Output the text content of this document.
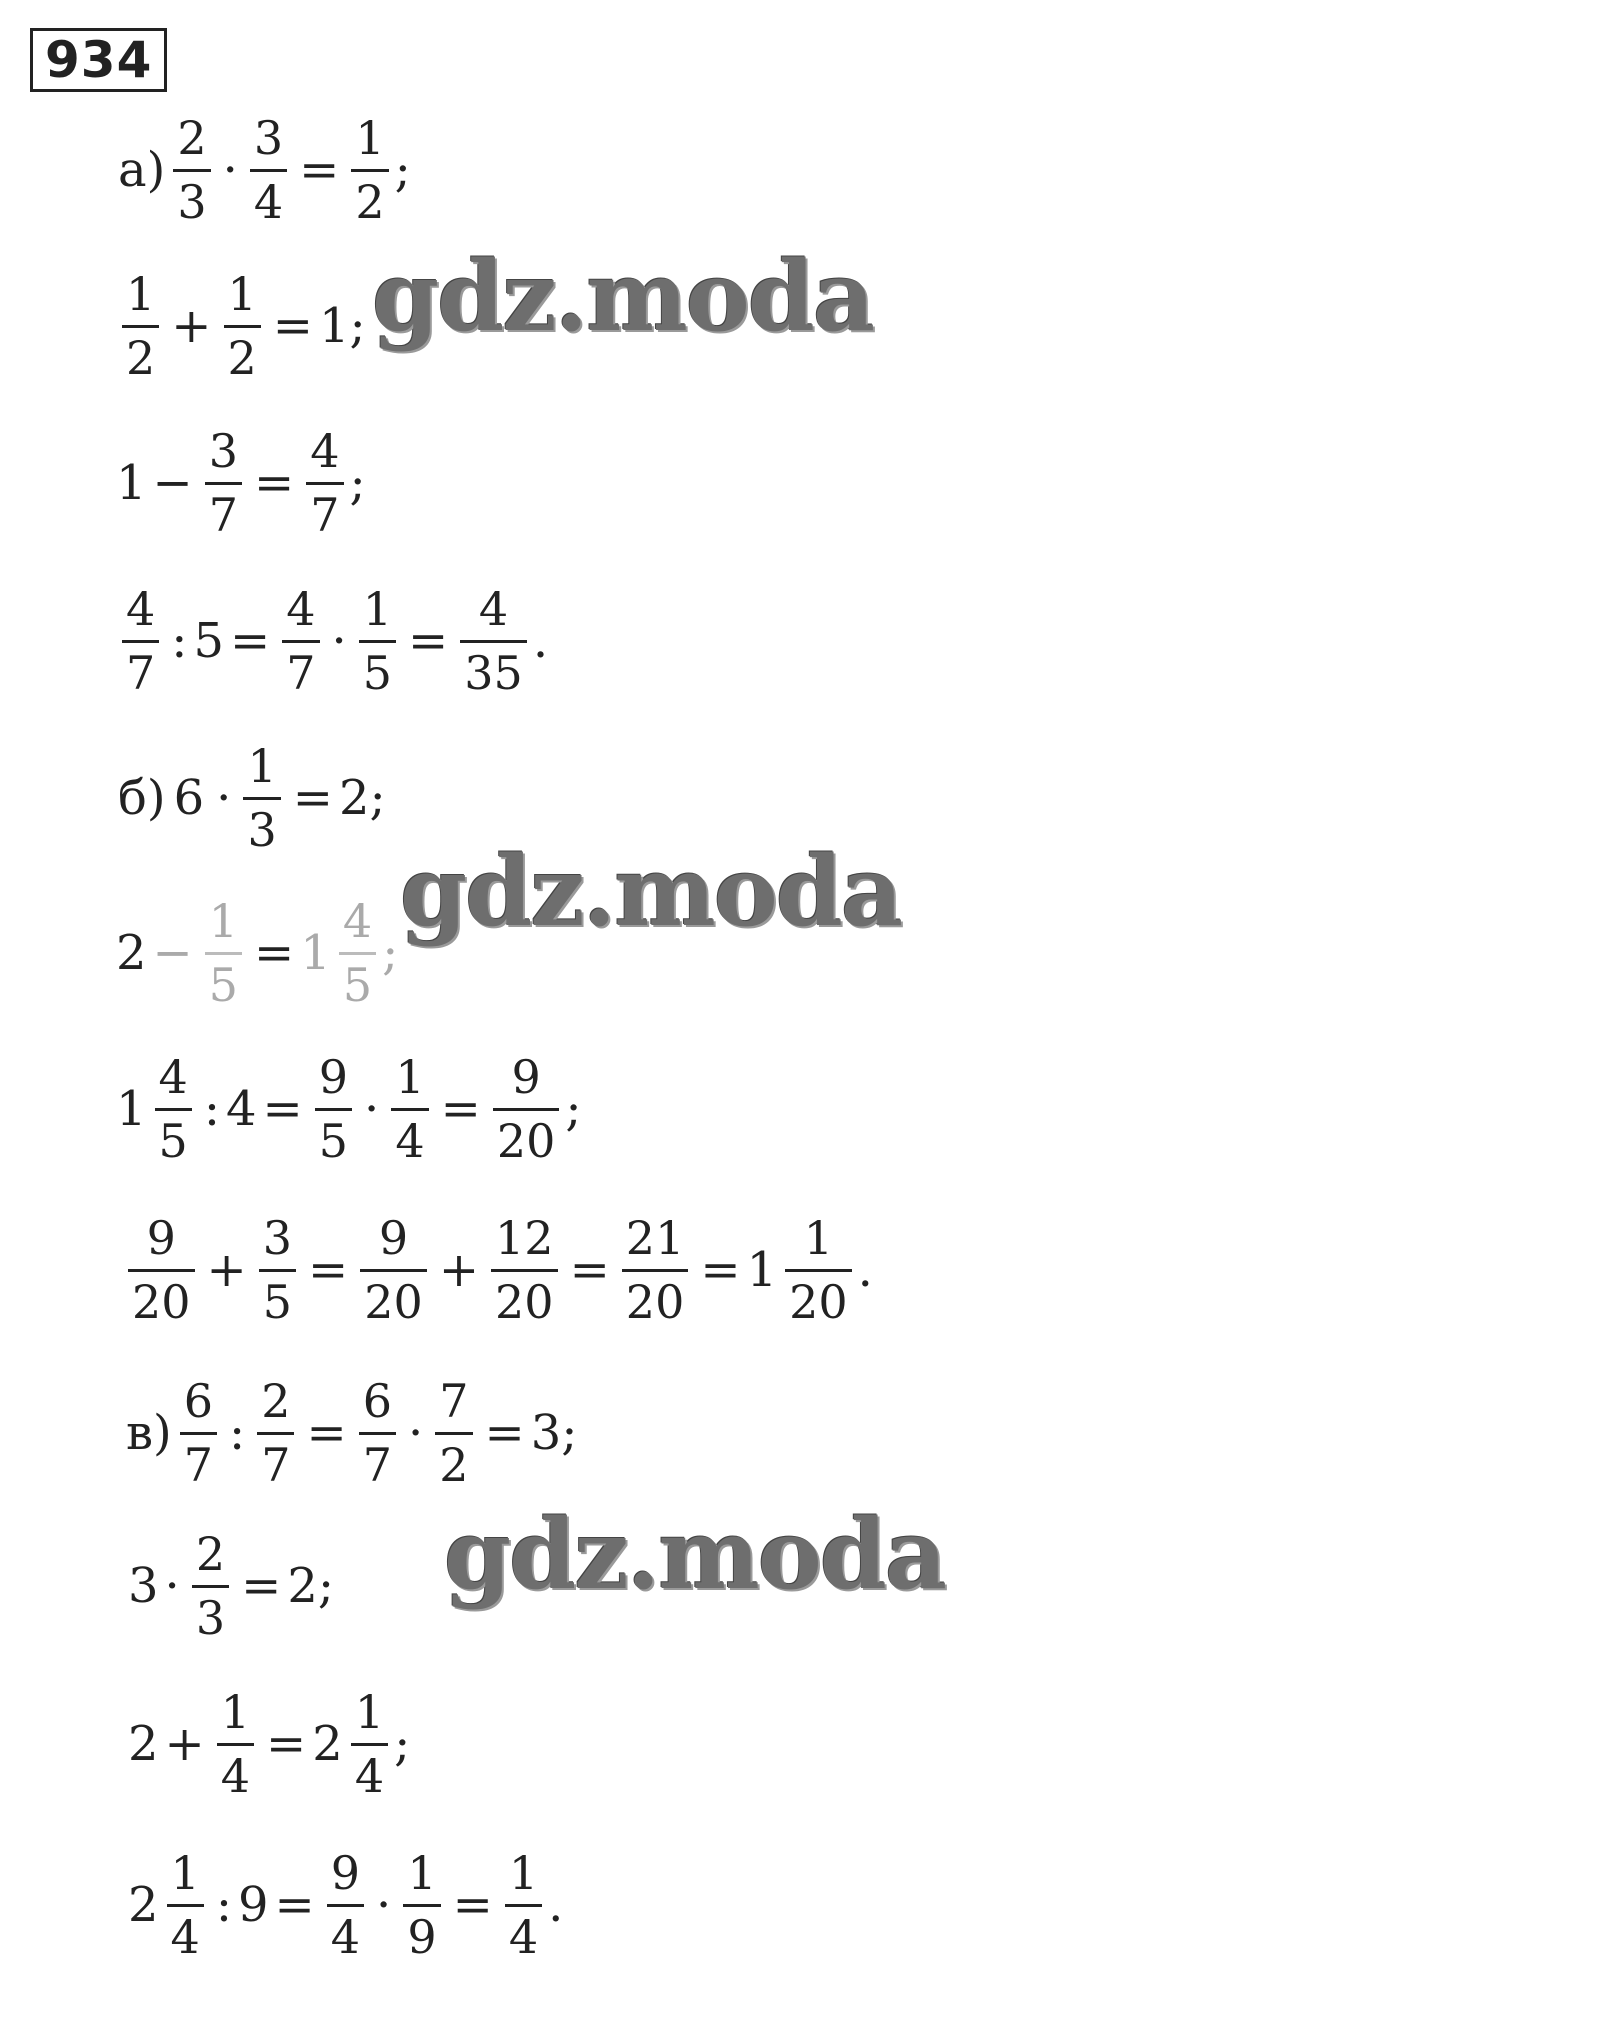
934
$а) \frac{2}{3} \cdot \frac{3}{4} = \frac{1}{2}$ ;
$\frac{1}{2} + \frac{1}{2} = 1$;
$1 - \frac{3}{7} = \frac{4}{7}$ ;
$\frac{4}{7}$ : $5 = \frac{4}{7} \cdot \frac{1}{5} = \frac{4}{35}$ .
б) $6 \cdot \frac{1}{3} = 2$;
$2 - \frac{1}{5} = 1 \frac{4}{5}$ ;
$1 \frac{4}{5}$ : $4 = \frac{9}{5} \cdot \frac{1}{4} = \frac{9}{20}$ ;
$\frac{9}{20} + \frac{3}{5} = \frac{9}{20} + \frac{12}{20} = \frac{21}{20} = 1 \frac{1}{20}$ .
$в) \frac{6}{7}$ : $\frac{2}{7} = \frac{6}{7} \cdot \frac{7}{2} = 3$;
$3 \cdot \frac{2}{3} = 2$;
$2 + \frac{1}{4} = 2 \frac{1}{4}$ ;
$2 \frac{1}{4}$ : $9 = \frac{9}{4} \cdot \frac{1}{9} = \frac{1}{4}$ .
gdz.moda
gdz.moda
gdz.moda
